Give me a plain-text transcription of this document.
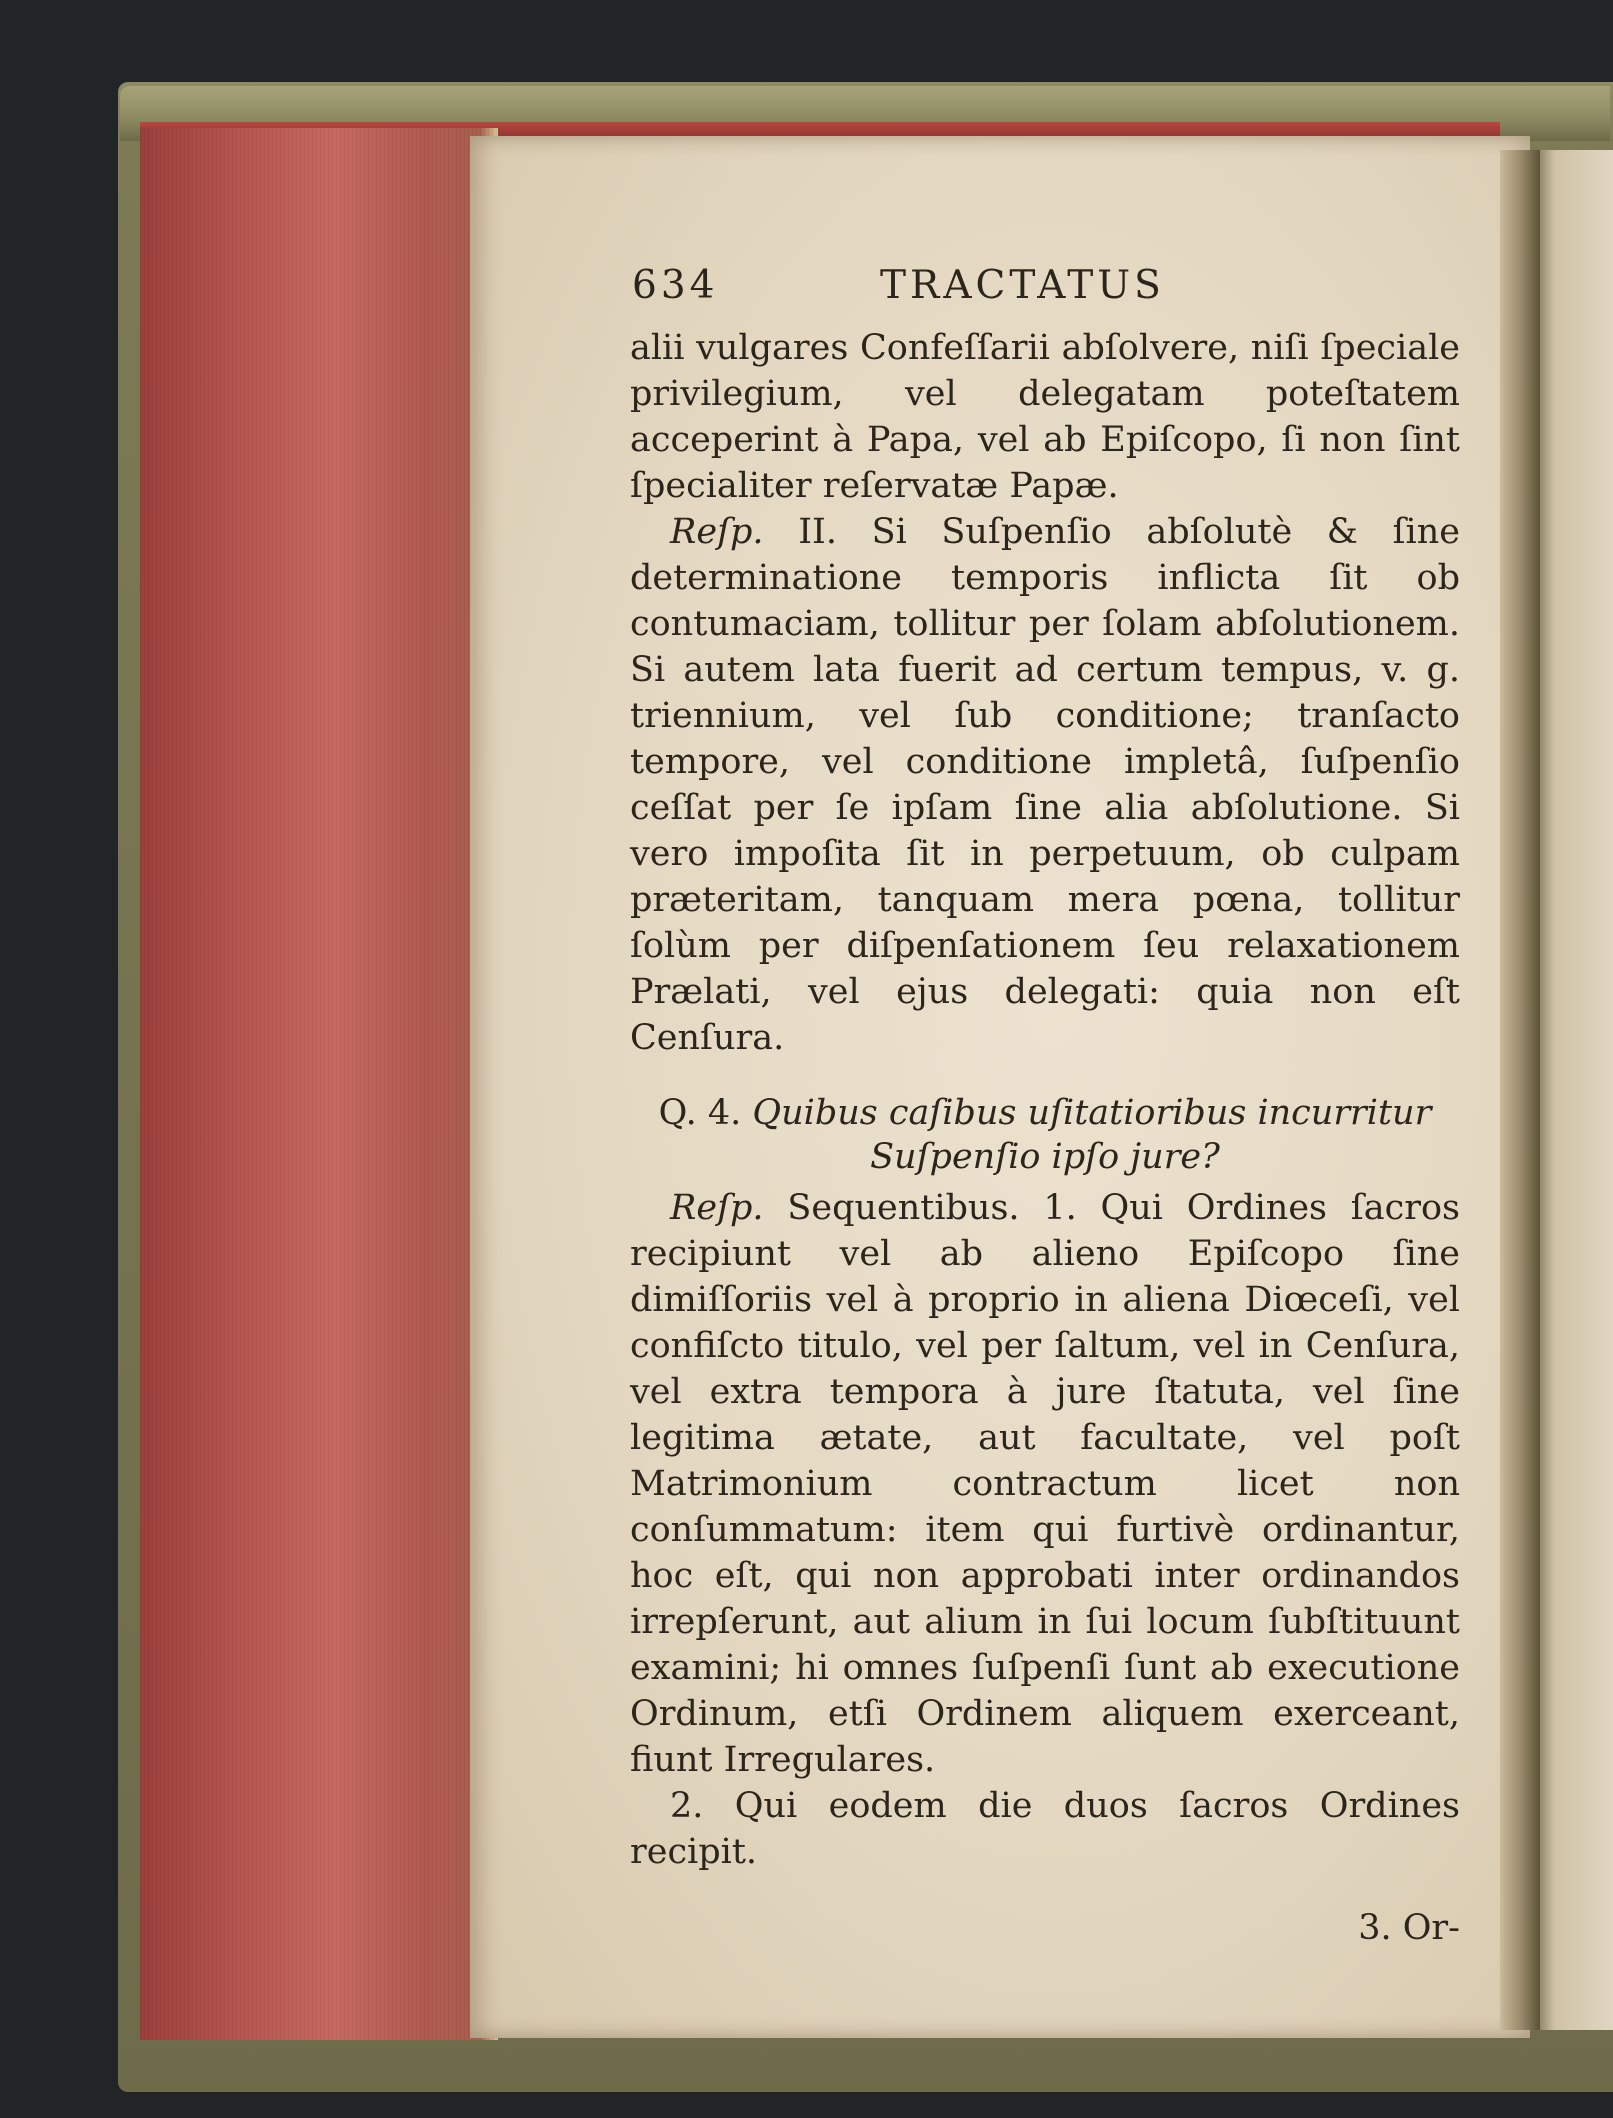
634	TRACTATUS

alii vulgares Confeſſarii abſolvere, niſi ſpeciale privilegium, vel delegatam poteſtatem acceperint à Papa, vel ab Epiſcopo, ſi non ſint ſpecialiter reſervatæ Papæ.

Reſp. II. Si Suſpenſio abſolutè & ſine determinatione temporis inflicta ſit ob contumaciam, tollitur per ſolam abſolutionem. Si autem lata fuerit ad certum tempus, v. g. triennium, vel ſub conditione; tranſacto tempore, vel conditione impletâ, ſuſpenſio ceſſat per ſe ipſam ſine alia abſolutione. Si vero impoſita ſit in perpetuum, ob culpam præteritam, tanquam mera pœna, tollitur ſolùm per diſpenſationem ſeu relaxationem Prælati, vel ejus delegati: quia non eſt Cenſura.

Q. 4. Quibus caſibus uſitatioribus incurritur Suſpenſio ipſo jure?

Reſp. Sequentibus. 1. Qui Ordines ſacros recipiunt vel ab alieno Epiſcopo ſine dimiſſoriis vel à proprio in aliena Diœceſi, vel confiſcto titulo, vel per ſaltum, vel in Cenſura, vel extra tempora à jure ſtatuta, vel ſine legitima ætate, aut facultate, vel poſt Matrimonium contractum licet non conſummatum: item qui furtivè ordinantur, hoc eſt, qui non approbati inter ordinandos irrepſerunt, aut alium in ſui locum ſubſtituunt examini; hi omnes ſuſpenſi ſunt ab executione Ordinum, etſi Ordinem aliquem exerceant, fiunt Irregulares.

2. Qui eodem die duos ſacros Ordines recipit.

3. Or-
